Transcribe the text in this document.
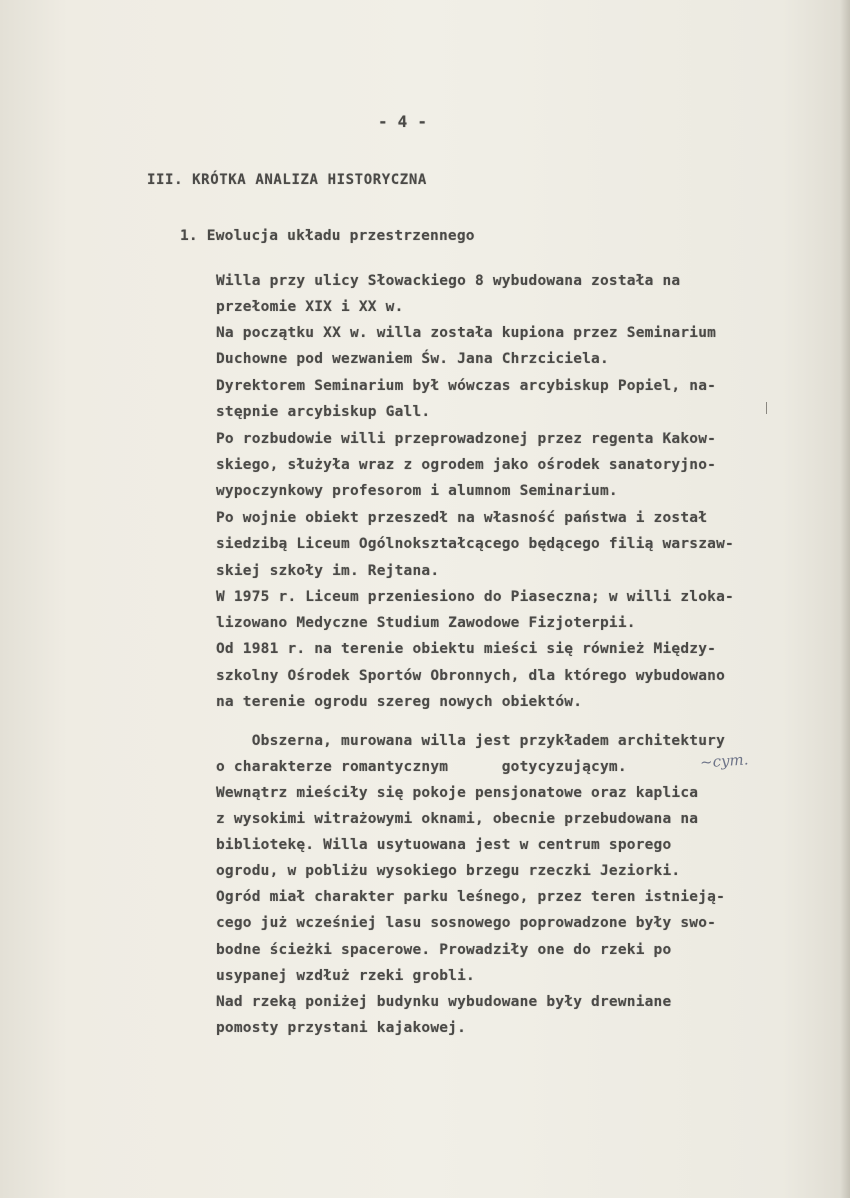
- 4 -
III. KRÓTKA ANALIZA HISTORYCZNA
1. Ewolucja układu przestrzennego
Willa przy ulicy Słowackiego 8 wybudowana została na
przełomie XIX i XX w.
Na początku XX w. willa została kupiona przez Seminarium
Duchowne pod wezwaniem Św. Jana Chrzciciela.
Dyrektorem Seminarium był wówczas arcybiskup Popiel, na-
stępnie arcybiskup Gall.
Po rozbudowie willi przeprowadzonej przez regenta Kakow-
skiego, służyła wraz z ogrodem jako ośrodek sanatoryjno-
wypoczynkowy profesorom i alumnom Seminarium.
Po wojnie obiekt przeszedł na własność państwa i został
siedzibą Liceum Ogólnokształcącego będącego filią warszaw-
skiej szkoły im. Rejtana.
W 1975 r. Liceum przeniesiono do Piaseczna; w willi zloka-
lizowano Medyczne Studium Zawodowe Fizjoterpii.
Od 1981 r. na terenie obiektu mieści się również Między-
szkolny Ośrodek Sportów Obronnych, dla którego wybudowano
na terenie ogrodu szereg nowych obiektów.
Obszerna, murowana willa jest przykładem architektury
o charakterze romantycznym      gotycyzującym.
Wewnątrz mieściły się pokoje pensjonatowe oraz kaplica
z wysokimi witrażowymi oknami, obecnie przebudowana na
bibliotekę. Willa usytuowana jest w centrum sporego
ogrodu, w pobliżu wysokiego brzegu rzeczki Jeziorki.
Ogród miał charakter parku leśnego, przez teren istnieją-
cego już wcześniej lasu sosnowego poprowadzone były swo-
bodne ścieżki spacerowe. Prowadziły one do rzeki po
usypanej wzdłuż rzeki grobli.
Nad rzeką poniżej budynku wybudowane były drewniane
pomosty przystani kajakowej.
~cym.
